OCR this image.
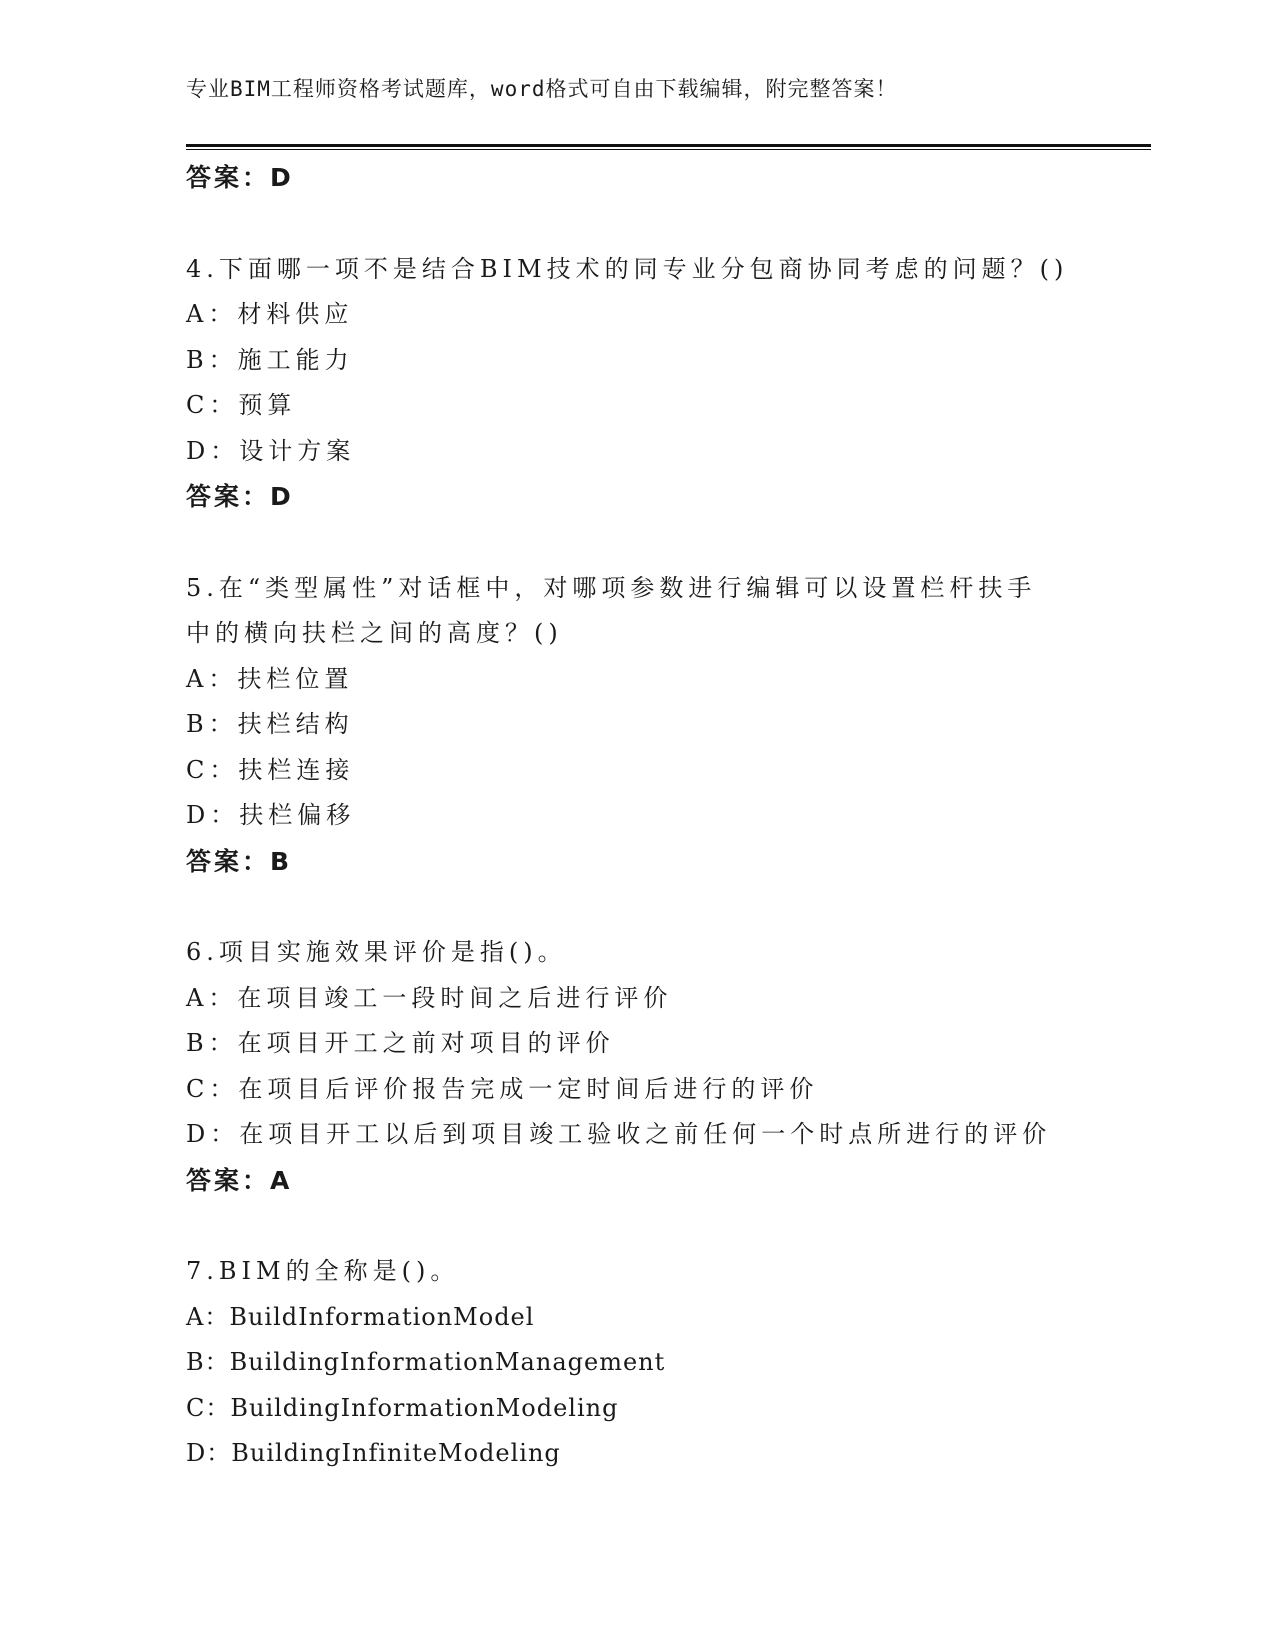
专业BIM工程师资格考试题库，word格式可自由下载编辑，附完整答案！
答案：D
4.下面哪一项不是结合BIM技术的同专业分包商协同考虑的问题？()
A：材料供应
B：施工能力
C：预算
D：设计方案
答案：D
5.在“类型属性”对话框中，对哪项参数进行编辑可以设置栏杆扶手
中的横向扶栏之间的高度？()
A：扶栏位置
B：扶栏结构
C：扶栏连接
D：扶栏偏移
答案：B
6.项目实施效果评价是指()。
A：在项目竣工一段时间之后进行评价
B：在项目开工之前对项目的评价
C：在项目后评价报告完成一定时间后进行的评价
D：在项目开工以后到项目竣工验收之前任何一个时点所进行的评价
答案：A
7.BIM的全称是()。
A：BuildInformationModel
B：BuildingInformationManagement
C：BuildingInformationModeling
D：BuildingInfiniteModeling
